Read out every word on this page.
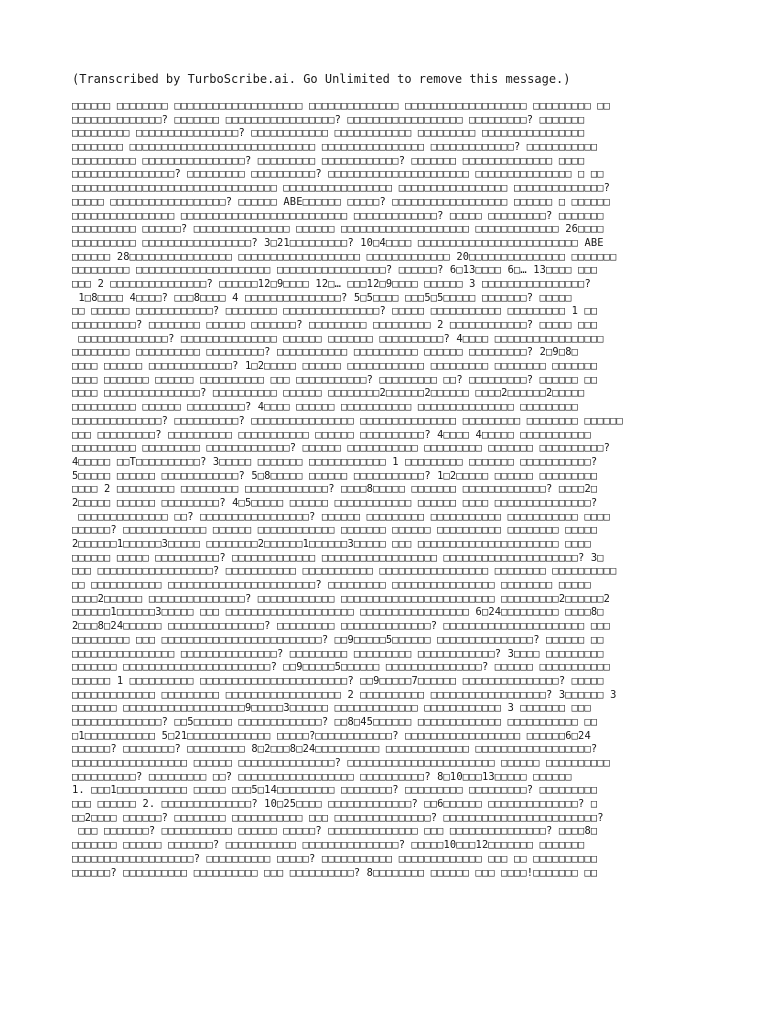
(Transcribed by TurboScribe.ai. Go Unlimited to remove this message.)
□□□□□□ □□□□□□□□ □□□□□□□□□□□□□□□□□□□□ □□□□□□□□□□□□□□ □□□□□□□□□□□□□□□□□□□ □□□□□□□□□ □□
□□□□□□□□□□□□□□? □□□□□□□ □□□□□□□□□□□□□□□□□? □□□□□□□□□□□□□□□□□□ □□□□□□□□□? □□□□□□□
□□□□□□□□□ □□□□□□□□□□□□□□□□? □□□□□□□□□□□□ □□□□□□□□□□□□ □□□□□□□□□ □□□□□□□□□□□□□□□□
□□□□□□□□ □□□□□□□□□□□□□□□□□□□□□□□□□□□□□ □□□□□□□□□□□□□□□□ □□□□□□□□□□□□□? □□□□□□□□□□□
□□□□□□□□□□ □□□□□□□□□□□□□□□□? □□□□□□□□□ □□□□□□□□□□□□? □□□□□□□ □□□□□□□□□□□□□□ □□□□
□□□□□□□□□□□□□□□□? □□□□□□□□□ □□□□□□□□□□? □□□□□□□□□□□□□□□□□□□□□□ □□□□□□□□□□□□□□□ □ □□
□□□□□□□□□□□□□□□□□□□□□□□□□□□□□□□□ □□□□□□□□□□□□□□□□□ □□□□□□□□□□□□□□□□□ □□□□□□□□□□□□□□?
□□□□□ □□□□□□□□□□□□□□□□□□? □□□□□□ ABE□□□□□□ □□□□□? □□□□□□□□□□□□□□□□□□ □□□□□□ □ □□□□□□
□□□□□□□□□□□□□□□□ □□□□□□□□□□□□□□□□□□□□□□□□□□ □□□□□□□□□□□□□? □□□□□ □□□□□□□□□? □□□□□□□
□□□□□□□□□□ □□□□□□? □□□□□□□□□□□□□□□ □□□□□□ □□□□□□□□□□□□□□□□□□□□ □□□□□□□□□□□□□ 26□□□□
□□□□□□□□□□ □□□□□□□□□□□□□□□□□? 3□21□□□□□□□□□? 10□4□□□□ □□□□□□□□□□□□□□□□□□□□□□□□□ ABE
□□□□□□ 28□□□□□□□□□□□□□□□□ □□□□□□□□□□□□□□□□□□□ □□□□□□□□□□□□□ 20□□□□□□□□□□□□□□□ □□□□□□□
□□□□□□□□□ □□□□□□□□□□□□□□□□□□□□□ □□□□□□□□□□□□□□□□□? □□□□□□? 6□13□□□□ 6□… 13□□□□ □□□
□□□ 2 □□□□□□□□□□□□□□□? □□□□□□12□9□□□□ 12□… □□□12□9□□□□ □□□□□□ 3 □□□□□□□□□□□□□□□□?
1□8□□□□ 4□□□□? □□□8□□□□ 4 □□□□□□□□□□□□□□□? 5□5□□□□ □□□5□5□□□□□ □□□□□□□? □□□□□
□□ □□□□□□ □□□□□□□□□□□□? □□□□□□□□ □□□□□□□□□□□□□□□? □□□□□ □□□□□□□□□□□ □□□□□□□□□ 1 □□
□□□□□□□□□□? □□□□□□□□ □□□□□□ □□□□□□□? □□□□□□□□□ □□□□□□□□□ 2 □□□□□□□□□□□□? □□□□□ □□□
□□□□□□□□□□□□□□? □□□□□□□□□□□□□□□ □□□□□□ □□□□□□□ □□□□□□□□□□? 4□□□□ □□□□□□□□□□□□□□□□□
□□□□□□□□□ □□□□□□□□□□ □□□□□□□□□? □□□□□□□□□□□ □□□□□□□□□□ □□□□□□ □□□□□□□□□? 2□9□8□
□□□□ □□□□□□ □□□□□□□□□□□□□? 1□2□□□□□ □□□□□□ □□□□□□□□□□□□ □□□□□□□□□ □□□□□□□□ □□□□□□□
□□□□ □□□□□□□ □□□□□□ □□□□□□□□□□ □□□ □□□□□□□□□□□? □□□□□□□□□ □□? □□□□□□□□□? □□□□□□ □□
□□□□ □□□□□□□□□□□□□□□? □□□□□□□□□□ □□□□□□ □□□□□□□□2□□□□□□2□□□□□□ □□□□2□□□□□□2□□□□□
□□□□□□□□□□ □□□□□□ □□□□□□□□□? 4□□□□ □□□□□□ □□□□□□□□□□□ □□□□□□□□□□□□□□□ □□□□□□□□□
□□□□□□□□□□□□□□? □□□□□□□□□□? □□□□□□□□□□□□□□□□ □□□□□□□□□□□□□□□ □□□□□□□□□ □□□□□□□□ □□□□□□
□□□ □□□□□□□□□? □□□□□□□□□□ □□□□□□□□□□□ □□□□□□ □□□□□□□□□□? 4□□□□ 4□□□□□ □□□□□□□□□□□
□□□□□□□□□□ □□□□□□□□□ □□□□□□□□□□□□□? □□□□□□ □□□□□□□□□□□ □□□□□□□□□ □□□□□□□ □□□□□□□□□□?
4□□□□□ □□T□□□□□□□□□□? 3□□□□□ □□□□□□□ □□□□□□□□□□□□ 1 □□□□□□□□□ □□□□□□□ □□□□□□□□□□□?
5□□□□□ □□□□□□ □□□□□□□□□□□□? 5□8□□□□□ □□□□□□ □□□□□□□□□□□? 1□2□□□□□ □□□□□□ □□□□□□□□□
□□□□ 2 □□□□□□□□□ □□□□□□□□□ □□□□□□□□□□□□□? □□□□8□□□□□ □□□□□□□ □□□□□□□□□□□□□? □□□□2□
2□□□□□ □□□□□□ □□□□□□□□□? 4□5□□□□□ □□□□□□ □□□□□□□□□□□□ □□□□□□ □□□□ □□□□□□□□□□□□□□□?
□□□□□□□□□□□□□□ □□? □□□□□□□□□□□□□□□□□? □□□□□□ □□□□□□□□□ □□□□□□□□□□□ □□□□□□□□□□□ □□□□
□□□□□□? □□□□□□□□□□□□□ □□□□□□ □□□□□□□□□□□□ □□□□□□□ □□□□□□ □□□□□□□□□□ □□□□□□□□ □□□□□
2□□□□□□1□□□□□□3□□□□□ □□□□□□□□2□□□□□□1□□□□□□3□□□□□ □□□ □□□□□□□□□□□□□□□□□□□□□□ □□□□
□□□□□□ □□□□□ □□□□□□□□□□? □□□□□□□□□□□□□ □□□□□□□□□□□□□□□□□□ □□□□□□□□□□□□□□□□□□□□□? 3□
□□□ □□□□□□□□□□□□□□□□□□? □□□□□□□□□□□ □□□□□□□□□□□ □□□□□□□□□□□□□□□□□ □□□□□□□□ □□□□□□□□□□
□□ □□□□□□□□□□□ □□□□□□□□□□□□□□□□□□□□□□□? □□□□□□□□□ □□□□□□□□□□□□□□□□ □□□□□□□□ □□□□□
□□□□2□□□□□□ □□□□□□□□□□□□□□□? □□□□□□□□□□□□ □□□□□□□□□□□□□□□□□□□□□□□□ □□□□□□□□□2□□□□□□2
□□□□□□1□□□□□□3□□□□□ □□□ □□□□□□□□□□□□□□□□□□□□ □□□□□□□□□□□□□□□□□ 6□24□□□□□□□□□ □□□□8□
2□□□8□24□□□□□□ □□□□□□□□□□□□□□□? □□□□□□□□□ □□□□□□□□□□□□□□? □□□□□□□□□□□□□□□□□□□□□□ □□□
□□□□□□□□□ □□□ □□□□□□□□□□□□□□□□□□□□□□□□□? □□9□□□□□5□□□□□□ □□□□□□□□□□□□□□□? □□□□□□ □□
□□□□□□□□□□□□□□□□ □□□□□□□□□□□□□□□? □□□□□□□□□ □□□□□□□□□ □□□□□□□□□□□□? 3□□□□ □□□□□□□□□
□□□□□□□ □□□□□□□□□□□□□□□□□□□□□□□? □□9□□□□□5□□□□□□ □□□□□□□□□□□□□□□? □□□□□□ □□□□□□□□□□□
□□□□□□ 1 □□□□□□□□□□ □□□□□□□□□□□□□□□□□□□□□□□? □□9□□□□□7□□□□□□ □□□□□□□□□□□□□□□? □□□□□
□□□□□□□□□□□□□ □□□□□□□□□ □□□□□□□□□□□□□□□□□□ 2 □□□□□□□□□□ □□□□□□□□□□□□□□□□□□? 3□□□□□□ 3
□□□□□□□ □□□□□□□□□□□□□□□□□□□9□□□□□3□□□□□□ □□□□□□□□□□□□□ □□□□□□□□□□□□ 3 □□□□□□□ □□□
□□□□□□□□□□□□□□? □□5□□□□□□ □□□□□□□□□□□□□? □□8□45□□□□□□ □□□□□□□□□□□□□ □□□□□□□□□□□ □□
□1□□□□□□□□□□□ 5□21□□□□□□□□□□□□□ □□□□□?□□□□□□□□□□□□? □□□□□□□□□□□□□□□□□□ □□□□□□6□24
□□□□□□? □□□□□□□□? □□□□□□□□□ 8□2□□□8□24□□□□□□□□□□ □□□□□□□□□□□□□ □□□□□□□□□□□□□□□□□□?
□□□□□□□□□□□□□□□□□□ □□□□□□ □□□□□□□□□□□□□□□? □□□□□□□□□□□□□□□□□□□□□□□ □□□□□□ □□□□□□□□□□
□□□□□□□□□□? □□□□□□□□□ □□? □□□□□□□□□□□□□□□□□□ □□□□□□□□□□? 8□10□□□13□□□□□ □□□□□□
1. □□□1□□□□□□□□□□□ □□□□□ □□□5□14□□□□□□□□□ □□□□□□□□? □□□□□□□□□ □□□□□□□□□? □□□□□□□□□
□□□ □□□□□□ 2. □□□□□□□□□□□□□□? 10□25□□□□ □□□□□□□□□□□□□? □□6□□□□□□ □□□□□□□□□□□□□□? □
□□2□□□□ □□□□□□? □□□□□□□□ □□□□□□□□□□□ □□□ □□□□□□□□□□□□□□□? □□□□□□□□□□□□□□□□□□□□□□□□?
□□□ □□□□□□□? □□□□□□□□□□□ □□□□□□ □□□□□? □□□□□□□□□□□□□□ □□□ □□□□□□□□□□□□□□□? □□□□8□
□□□□□□□ □□□□□□ □□□□□□□? □□□□□□□□□□□ □□□□□□□□□□□□□□□? □□□□□10□□□12□□□□□□□ □□□□□□□
□□□□□□□□□□□□□□□□□□□? □□□□□□□□□□ □□□□□? □□□□□□□□□□□ □□□□□□□□□□□□□ □□□ □□ □□□□□□□□□□
□□□□□□? □□□□□□□□□□ □□□□□□□□□□ □□□ □□□□□□□□□□? 8□□□□□□□□ □□□□□□ □□□ □□□□!□□□□□□□ □□
